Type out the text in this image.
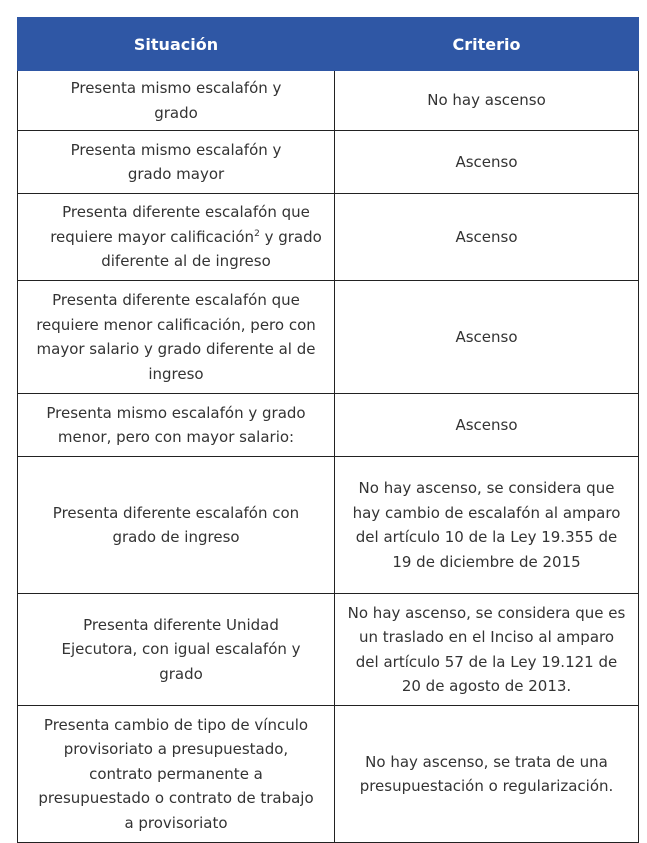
Situación	Criterio
Presenta mismo escalafón y grado	No hay ascenso
Presenta mismo escalafón y grado mayor	Ascenso
Presenta diferente escalafón que requiere mayor calificación$^2$ y grado diferente al de ingreso	Ascenso
Presenta diferente escalafón que requiere menor calificación, pero con mayor salario y grado diferente al de ingreso	Ascenso
Presenta mismo escalafón y grado menor, pero con mayor salario:	Ascenso
Presenta diferente escalafón con grado de ingreso	No hay ascenso, se considera que hay cambio de escalafón al amparo del artículo 10 de la Ley 19.355 de 19 de diciembre de 2015
Presenta diferente Unidad Ejecutora, con igual escalafón y grado	No hay ascenso, se considera que es un traslado en el Inciso al amparo del artículo 57 de la Ley 19.121 de 20 de agosto de 2013.
Presenta cambio de tipo de vínculo provisoriato a presupuestado, contrato permanente a presupuestado o contrato de trabajo a provisoriato	No hay ascenso, se trata de una presupuestación o regularización.
